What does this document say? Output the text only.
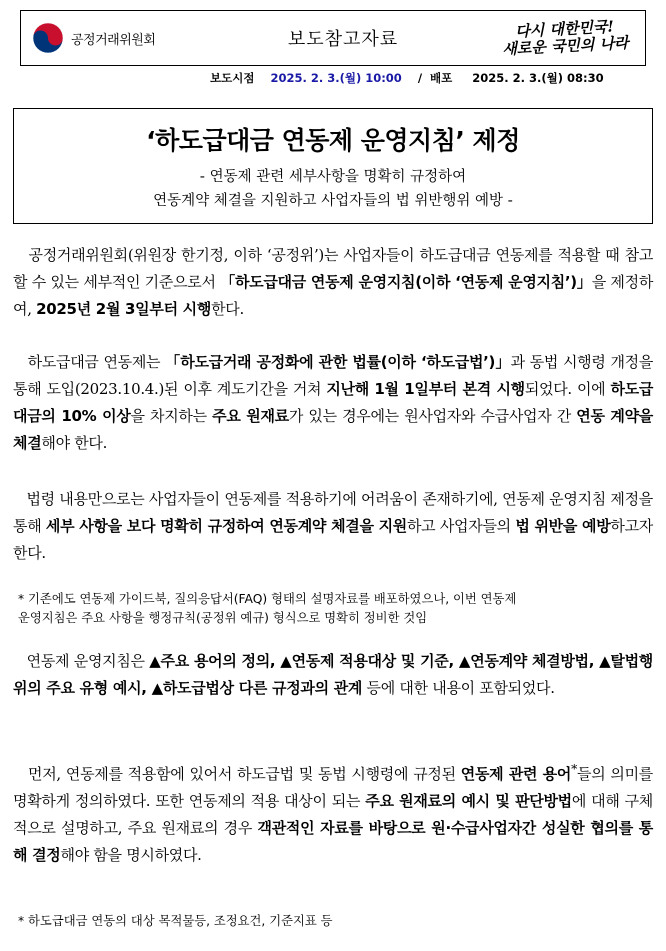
공정거래위원회	보도참고자료	다시 대한민국!
새로운 국민의 나라
보도시점 2025. 2. 3.(월) 10:00 / 배포 2025. 2. 3.(월) 08:30
‘하도급대금 연동제 운영지침’ 제정
- 연동제 관련 세부사항을 명확히 규정하여
연동계약 체결을 지원하고 사업자들의 법 위반행위 예방 -
공정거래위원회(위원장 한기정, 이하 ‘공정위’)는 사업자들이 하도급대금 연동제를 적용할 때 참고할 수 있는 세부적인 기준으로서 「하도급대금 연동제 운영지침(이하 ‘연동제 운영지침’)」을 제정하여, 2025년 2월 3일부터 시행한다.
하도급대금 연동제는 「하도급거래 공정화에 관한 법률(이하 ‘하도급법’)」과 동법 시행령 개정을 통해 도입(2023.10.4.)된 이후 계도기간을 거쳐 지난해 1월 1일부터 본격 시행되었다. 이에 하도급대금의 10% 이상을 차지하는 주요 원재료가 있는 경우에는 원사업자와 수급사업자 간 연동 계약을 체결해야 한다.
법령 내용만으로는 사업자들이 연동제를 적용하기에 어려움이 존재하기에, 연동제 운영지침 제정을 통해 세부 사항을 보다 명확히 규정하여 연동계약 체결을 지원하고 사업자들의 법 위반을 예방하고자 한다.
* 기존에도 연동제 가이드북, 질의응답서(FAQ) 형태의 설명자료를 배포하였으나, 이번 연동제
운영지침은 주요 사항을 행정규칙(공정위 예규) 형식으로 명확히 정비한 것임
연동제 운영지침은 ▲주요 용어의 정의, ▲연동제 적용대상 및 기준, ▲연동계약 체결방법, ▲탈법행위의 주요 유형 예시, ▲하도급법상 다른 규정과의 관계 등에 대한 내용이 포함되었다.
먼저, 연동제를 적용함에 있어서 하도급법 및 동법 시행령에 규정된 연동제 관련 용어*들의 의미를 명확하게 정의하였다. 또한 연동제의 적용 대상이 되는 주요 원재료의 예시 및 판단방법에 대해 구체적으로 설명하고, 주요 원재료의 경우 객관적인 자료를 바탕으로 원·수급사업자간 성실한 협의를 통해 결정해야 함을 명시하였다.
* 하도급대금 연동의 대상 목적물등, 조정요건, 기준지표 등
